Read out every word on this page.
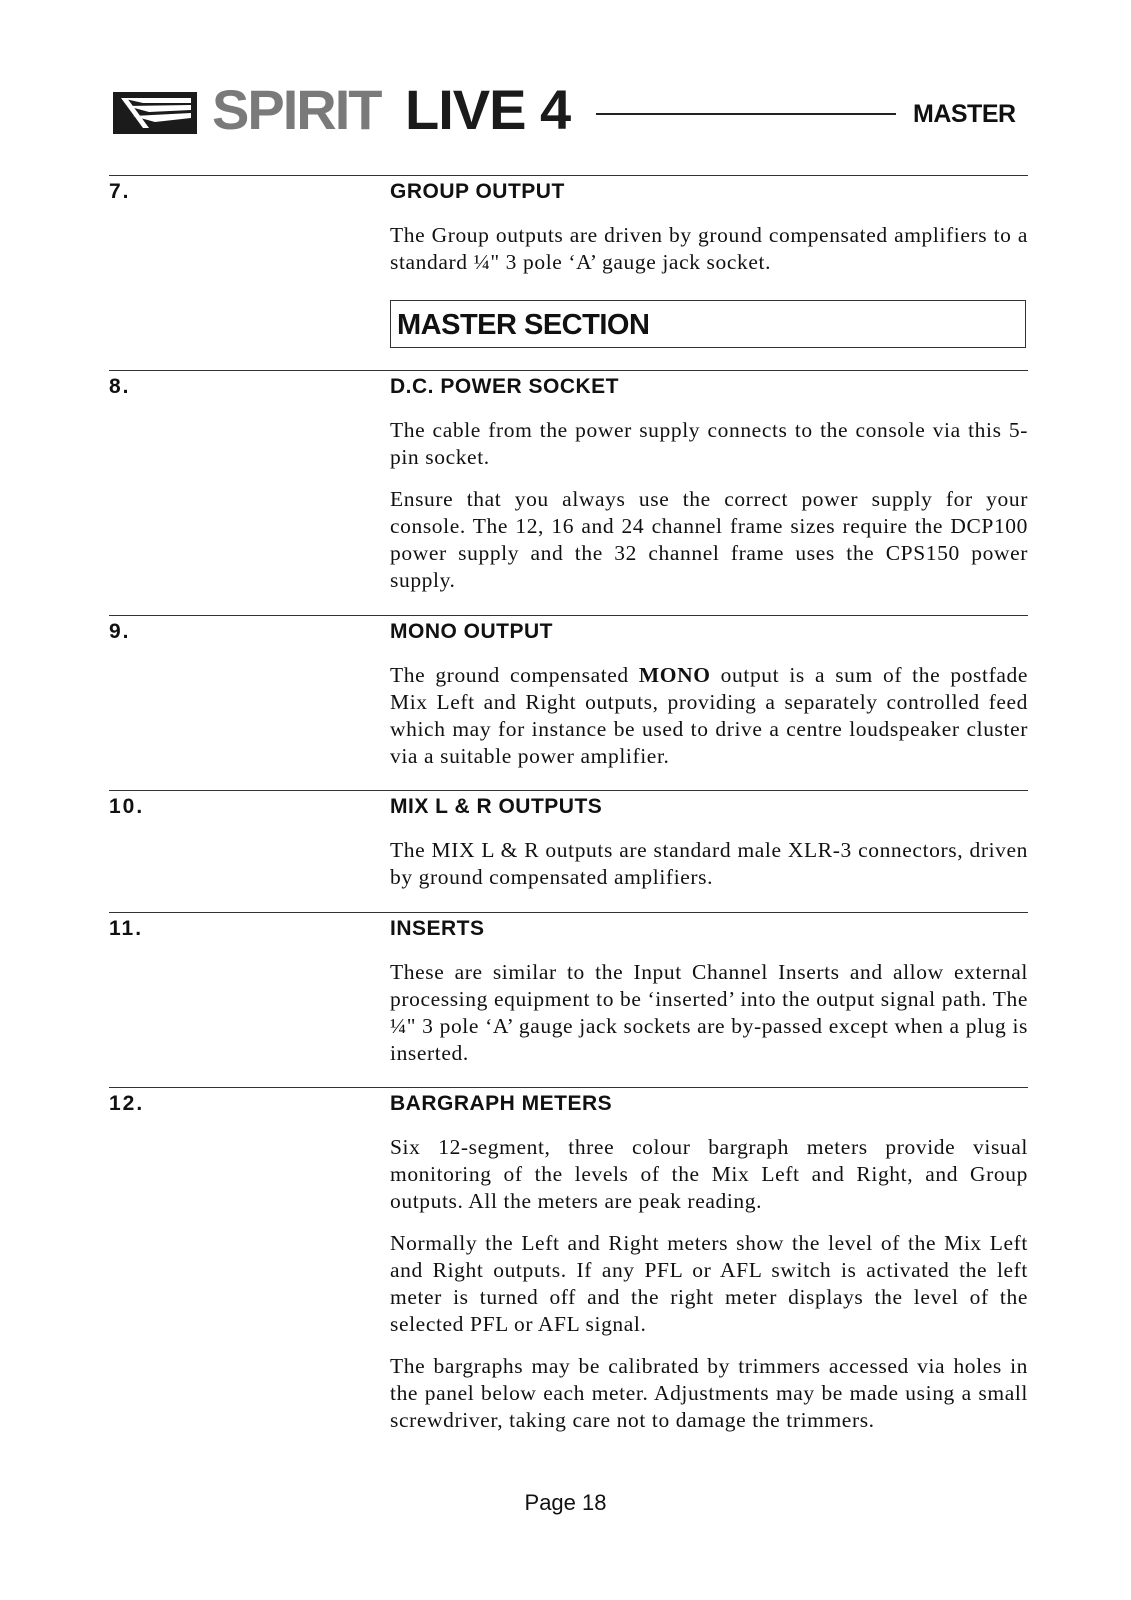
SPIRIT LIVE 4	MASTER
7.	GROUP OUTPUT

The Group outputs are driven by ground compensated amplifiers to a standard ¼" 3 pole ‘A’ gauge jack socket.

MASTER SECTION
8.	D.C. POWER SOCKET

The cable from the power supply connects to the console via this 5-pin socket.

Ensure that you always use the correct power supply for your console. The 12, 16 and 24 channel frame sizes require the DCP100 power supply and the 32 channel frame uses the CPS150 power supply.

9.	MONO OUTPUT

The ground compensated MONO output is a sum of the postfade Mix Left and Right outputs, providing a separately controlled feed which may for instance be used to drive a centre loudspeaker cluster via a suitable power amplifier.

10.	MIX L & R OUTPUTS

The MIX L & R outputs are standard male XLR-3 connectors, driven by ground compensated amplifiers.

11.	INSERTS

These are similar to the Input Channel Inserts and allow external processing equipment to be ‘inserted’ into the output signal path. The ¼" 3 pole ‘A’ gauge jack sockets are by-passed except when a plug is inserted.

12.	BARGRAPH METERS

Six 12-segment, three colour bargraph meters provide visual monitoring of the levels of the Mix Left and Right, and Group outputs. All the meters are peak reading.

Normally the Left and Right meters show the level of the Mix Left and Right outputs. If any PFL or AFL switch is activated the left meter is turned off and the right meter displays the level of the selected PFL or AFL signal.

The bargraphs may be calibrated by trimmers accessed via holes in the panel below each meter. Adjustments may be made using a small screwdriver, taking care not to damage the trimmers.

Page 18
